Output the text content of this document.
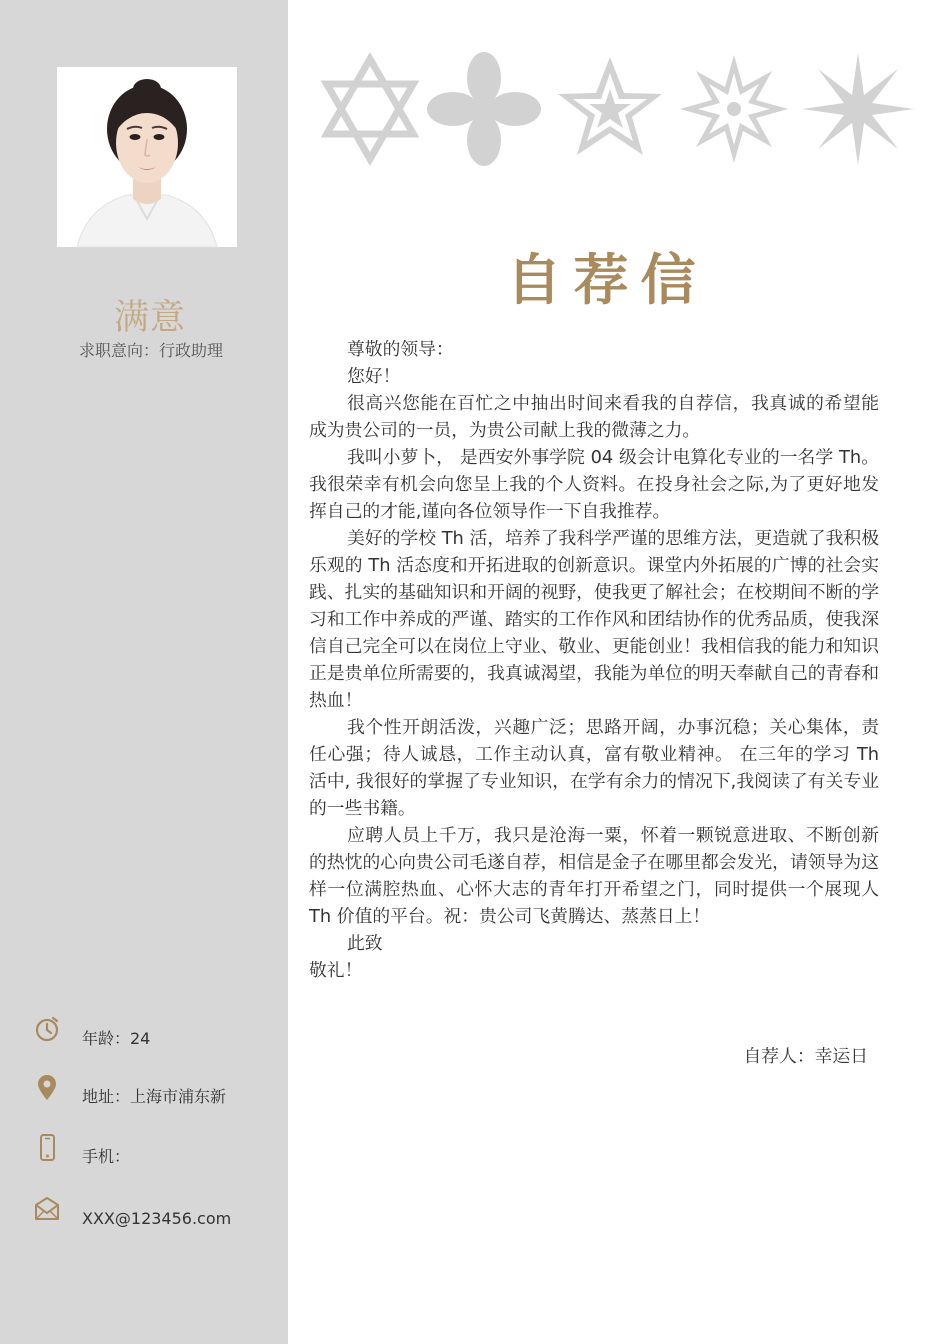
满意
求职意向：行政助理
年龄：24
地址：上海市浦东新
手机：
XXX@123456.com
自荐信

尊敬的领导：

您好！

很高兴您能在百忙之中抽出时间来看我的自荐信，我真诚的希望能成为贵公司的一员，为贵公司献上我的微薄之力。

我叫小萝卜， 是西安外事学院 04 级会计电算化专业的一名学 Th。我很荣幸有机会向您呈上我的个人资料。在投身社会之际,为了更好地发挥自己的才能,谨向各位领导作一下自我推荐。

美好的学校 Th 活，培养了我科学严谨的思维方法，更造就了我积极乐观的 Th 活态度和开拓进取的创新意识。课堂内外拓展的广博的社会实践、扎实的基础知识和开阔的视野，使我更了解社会；在校期间不断的学习和工作中养成的严谨、踏实的工作作风和团结协作的优秀品质，使我深信自己完全可以在岗位上守业、敬业、更能创业！我相信我的能力和知识正是贵单位所需要的，我真诚渴望，我能为单位的明天奉献自己的青春和热血！

我个性开朗活泼，兴趣广泛；思路开阔，办事沉稳；关心集体，责任心强；待人诚恳，工作主动认真，富有敬业精神。 在三年的学习 Th 活中, 我很好的掌握了专业知识，在学有余力的情况下,我阅读了有关专业的一些书籍。

应聘人员上千万，我只是沧海一粟，怀着一颗锐意进取、不断创新的热忱的心向贵公司毛遂自荐，相信是金子在哪里都会发光，请领导为这样一位满腔热血、心怀大志的青年打开希望之门，同时提供一个展现人 Th 价值的平台。祝：贵公司飞黄腾达、蒸蒸日上！

此致

敬礼！

自荐人：幸运日
